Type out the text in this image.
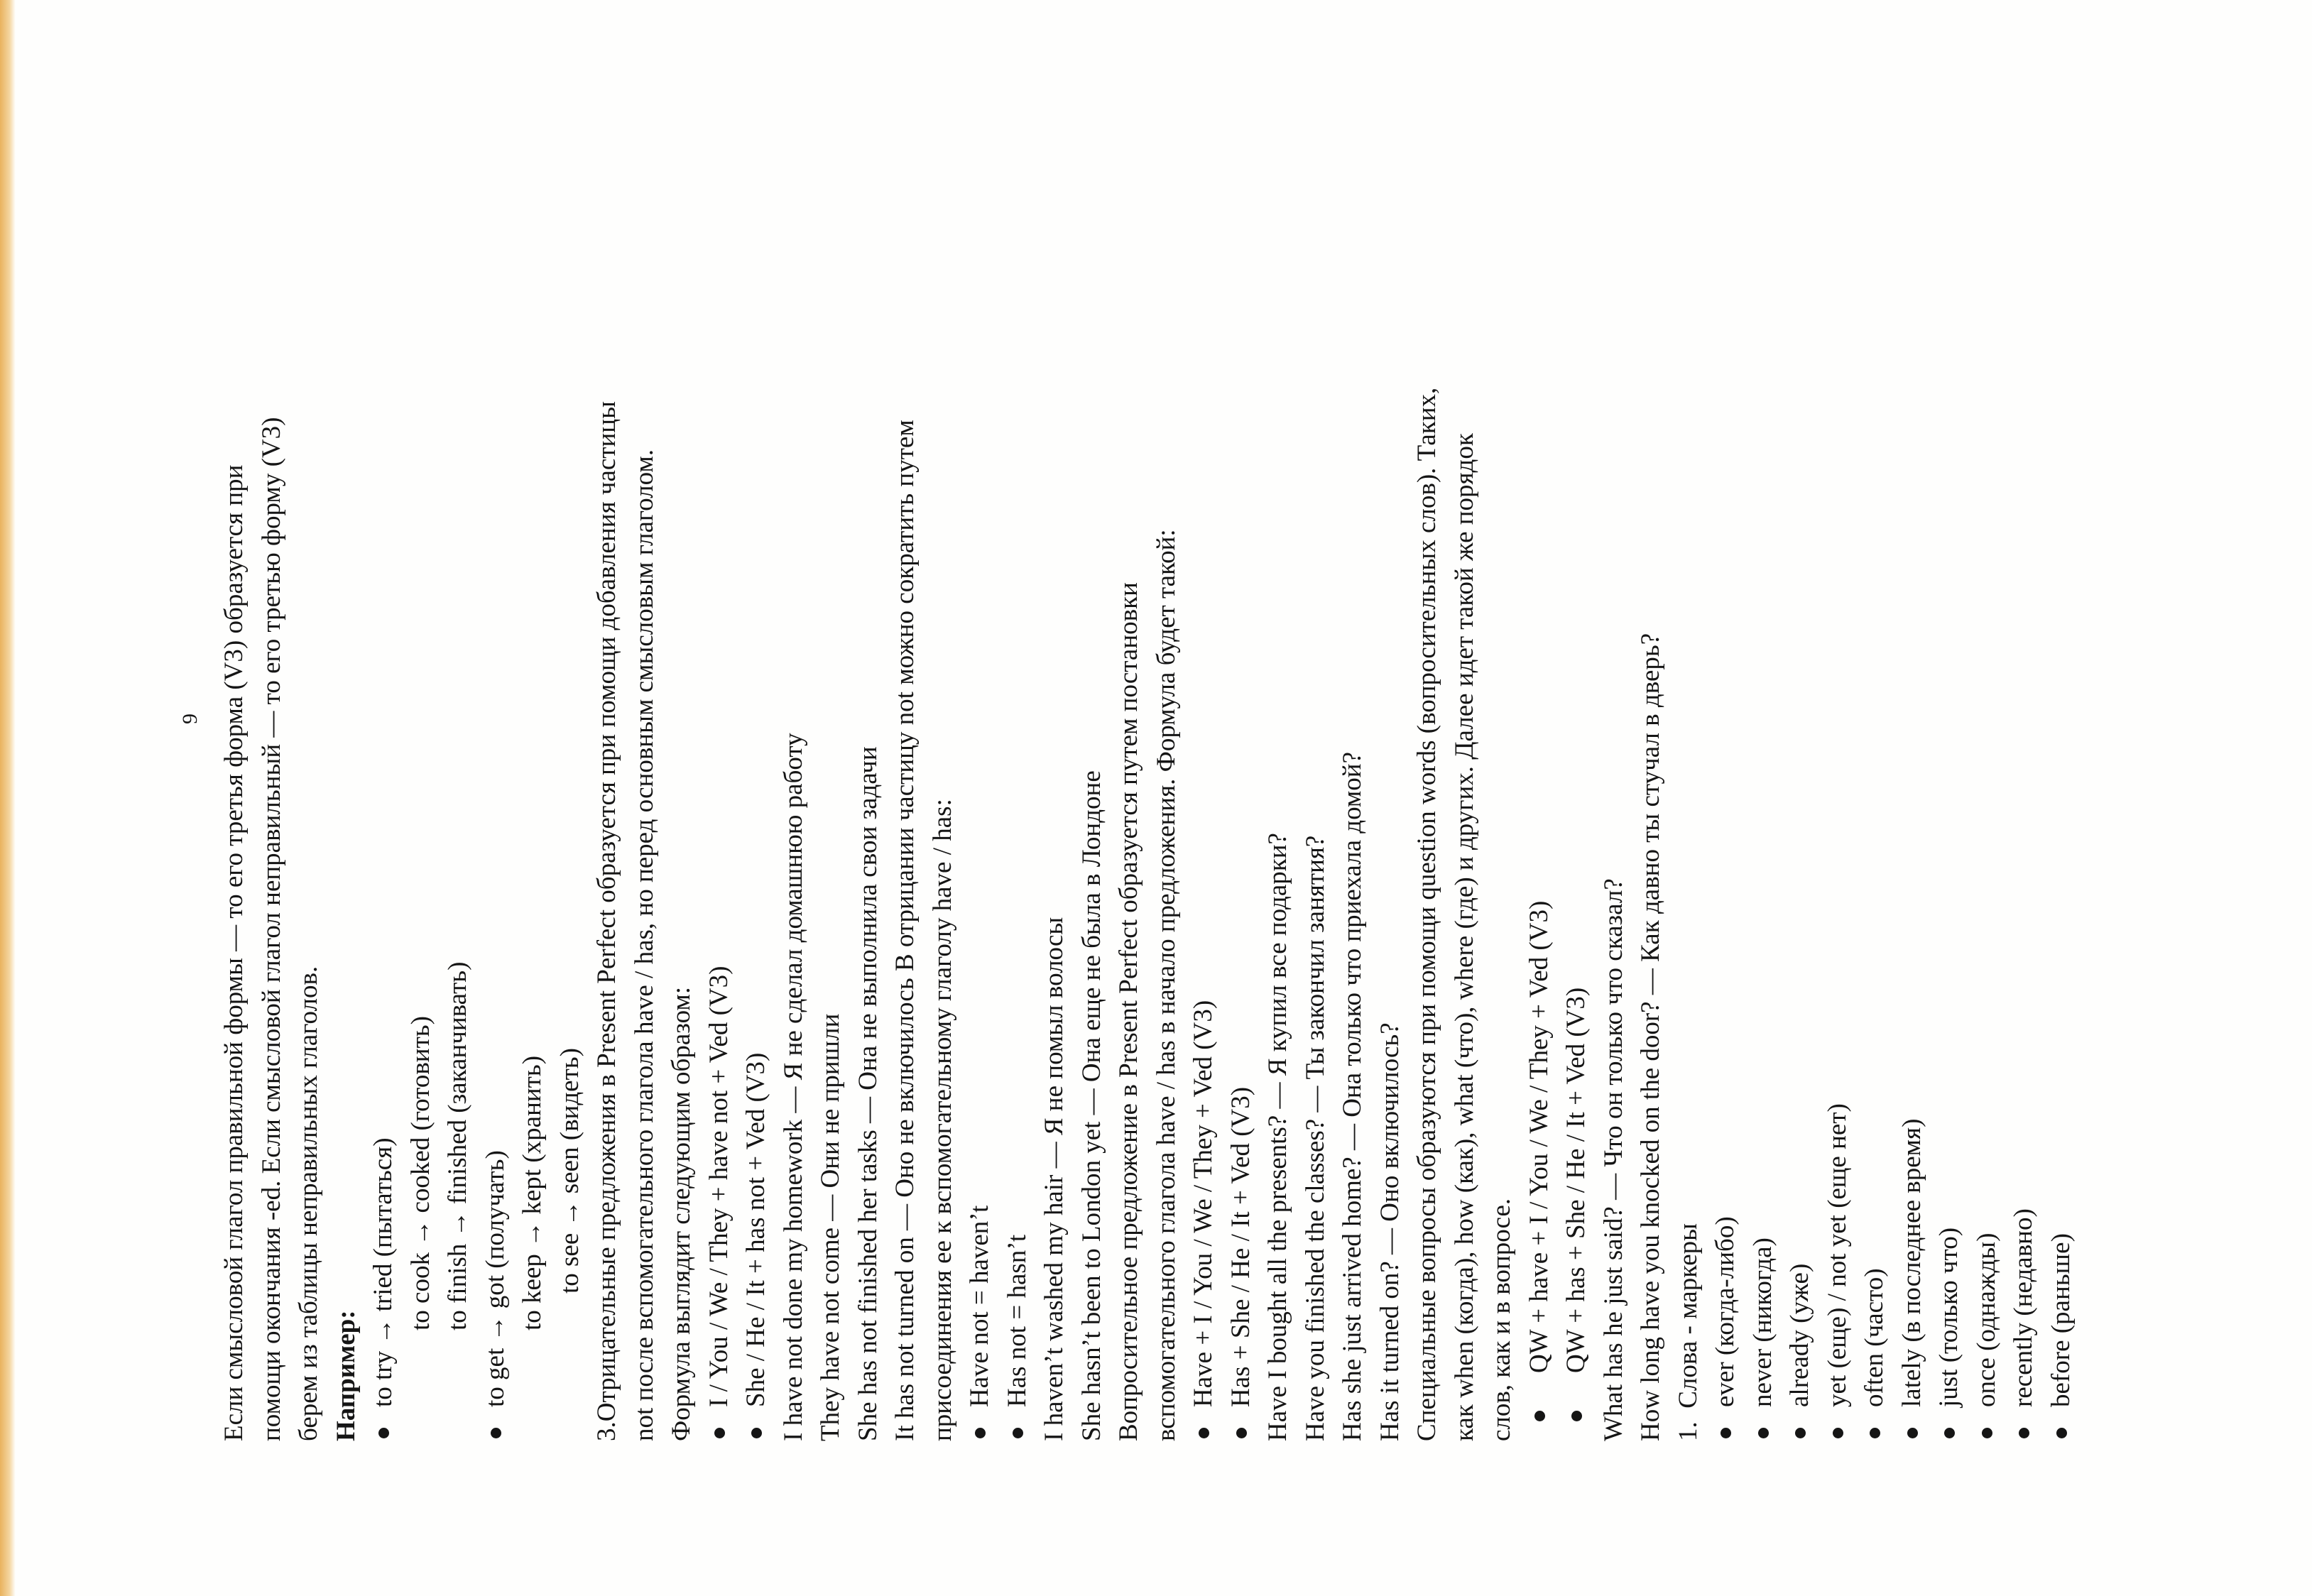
9 Если смысловой глагол правильной формы — то его третья форма (V3) образуется при помощи окончания -ed. Если смысловой глагол неправильный — то его третью форму (V3) берем из таблицы неправильных глаголов. Например: to try → tried (пытаться) to cook → cooked (готовить) to finish → finished (заканчивать) to get → got (получать) to keep → kept (хранить) to see → seen (видеть) 3.Отрицательные предложения в Present Perfect образуется при помощи добавления частицы not после вспомогательного глагола have / has, но перед основным смысловым глаголом. Формула выглядит следующим образом: I / You / We / They + have not + Ved (V3) She / He / It + has not + Ved (V3) I have not done my homework — Я не сделал домашнюю работу They have not come — Они не пришли She has not finished her tasks — Она не выполнила свои задачи It has not turned on — Оно не включилось В отрицании частицу not можно сократить путем присоединения ее к вспомогательному глаголу have / has: Have not = haven’t Has not = hasn’t I haven’t washed my hair — Я не помыл волосы She hasn’t been to London yet — Она еще не была в Лондоне Вопросительное предложение в Present Perfect образуется путем постановки вспомогательного глагола have / has в начало предложения. Формула будет такой: Have + I / You / We / They + Ved (V3) Has + She / He / It + Ved (V3) Have I bought all the presents? — Я купил все подарки? Have you finished the classes? — Ты закончил занятия? Has she just arrived home? — Она только что приехала домой? Has it turned on? — Оно включилось? Специальные вопросы образуются при помощи question words (вопросительных слов). Таких, как when (когда), how (как), what (что), where (где) и других. Далее идет такой же порядок слов, как и в вопросе. QW + have + I / You / We / They + Ved (V3) QW + has + She / He / It + Ved (V3) What has he just said? — Что он только что сказал? How long have you knocked on the door? — Как давно ты стучал в дверь? 1.  Слова - маркеры ever (когда-либо) never (никогда) already (уже) yet (еще) / not yet (еще нет) often (часто) lately (в последнее время) just (только что) once (однажды) recently (недавно) before (раньше)
